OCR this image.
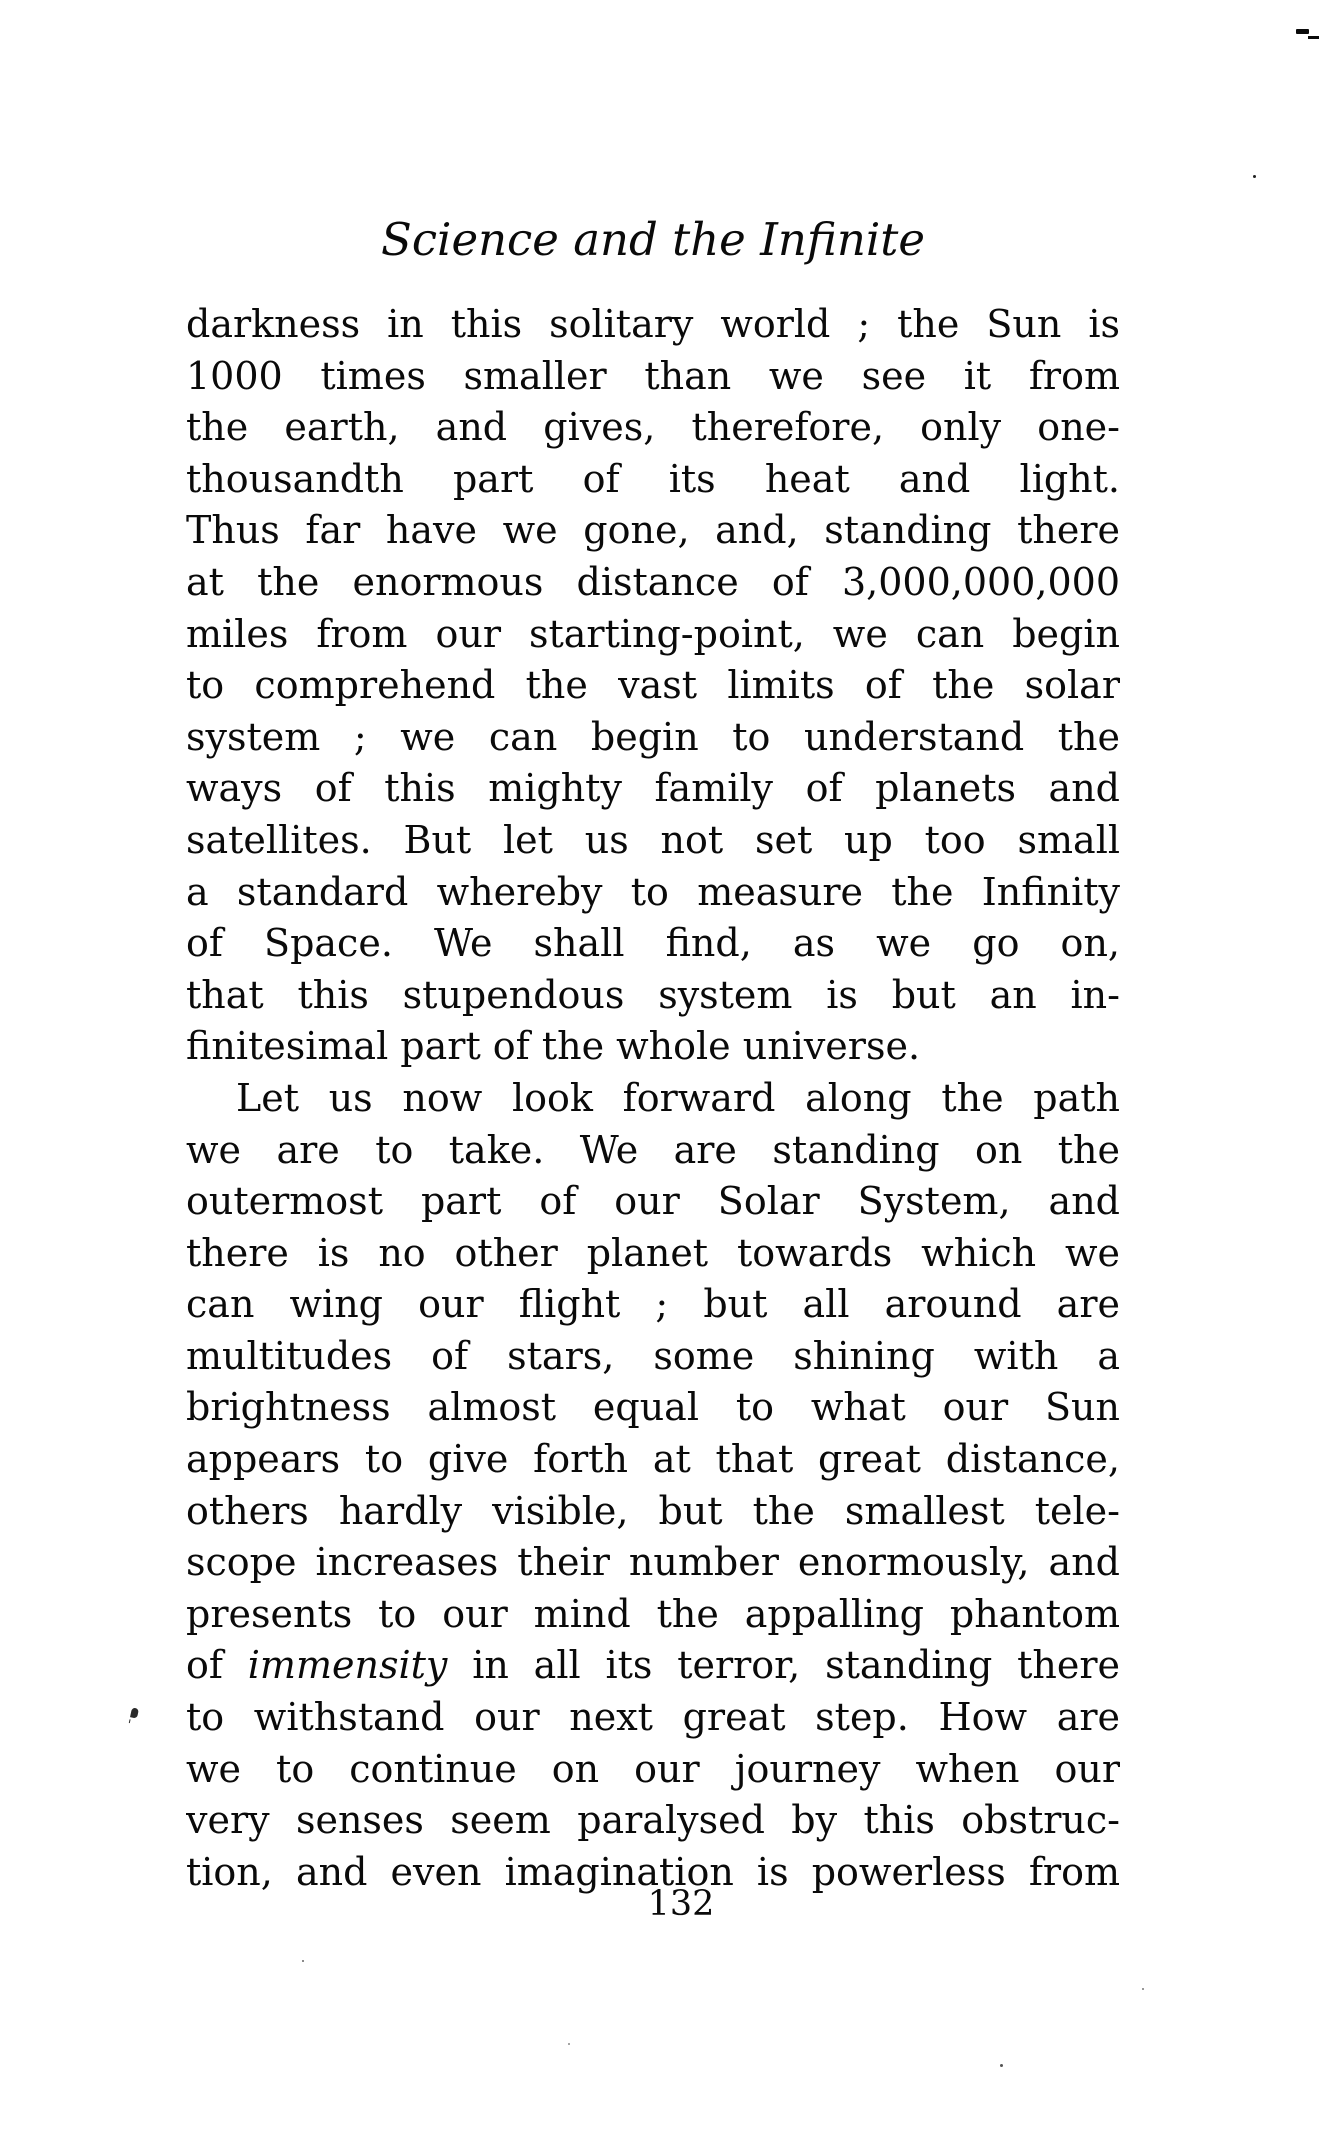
Science and the Infinite
darkness in this solitary world ; the Sun is
1000 times smaller than we see it from
the earth, and gives, therefore, only one-
thousandth part of its heat and light.
Thus far have we gone, and, standing there
at the enormous distance of 3,000,000,000
miles from our starting-point, we can begin
to comprehend the vast limits of the solar
system ; we can begin to understand the
ways of this mighty family of planets and
satellites. But let us not set up too small
a standard whereby to measure the Infinity
of Space. We shall find, as we go on,
that this stupendous system is but an in-
finitesimal part of the whole universe.
Let us now look forward along the path
we are to take. We are standing on the
outermost part of our Solar System, and
there is no other planet towards which we
can wing our flight ; but all around are
multitudes of stars, some shining with a
brightness almost equal to what our Sun
appears to give forth at that great distance,
others hardly visible, but the smallest tele-
scope increases their number enormously, and
presents to our mind the appalling phantom
of immensity in all its terror, standing there
to withstand our next great step. How are
we to continue on our journey when our
very senses seem paralysed by this obstruc-
tion, and even imagination is powerless from
132
